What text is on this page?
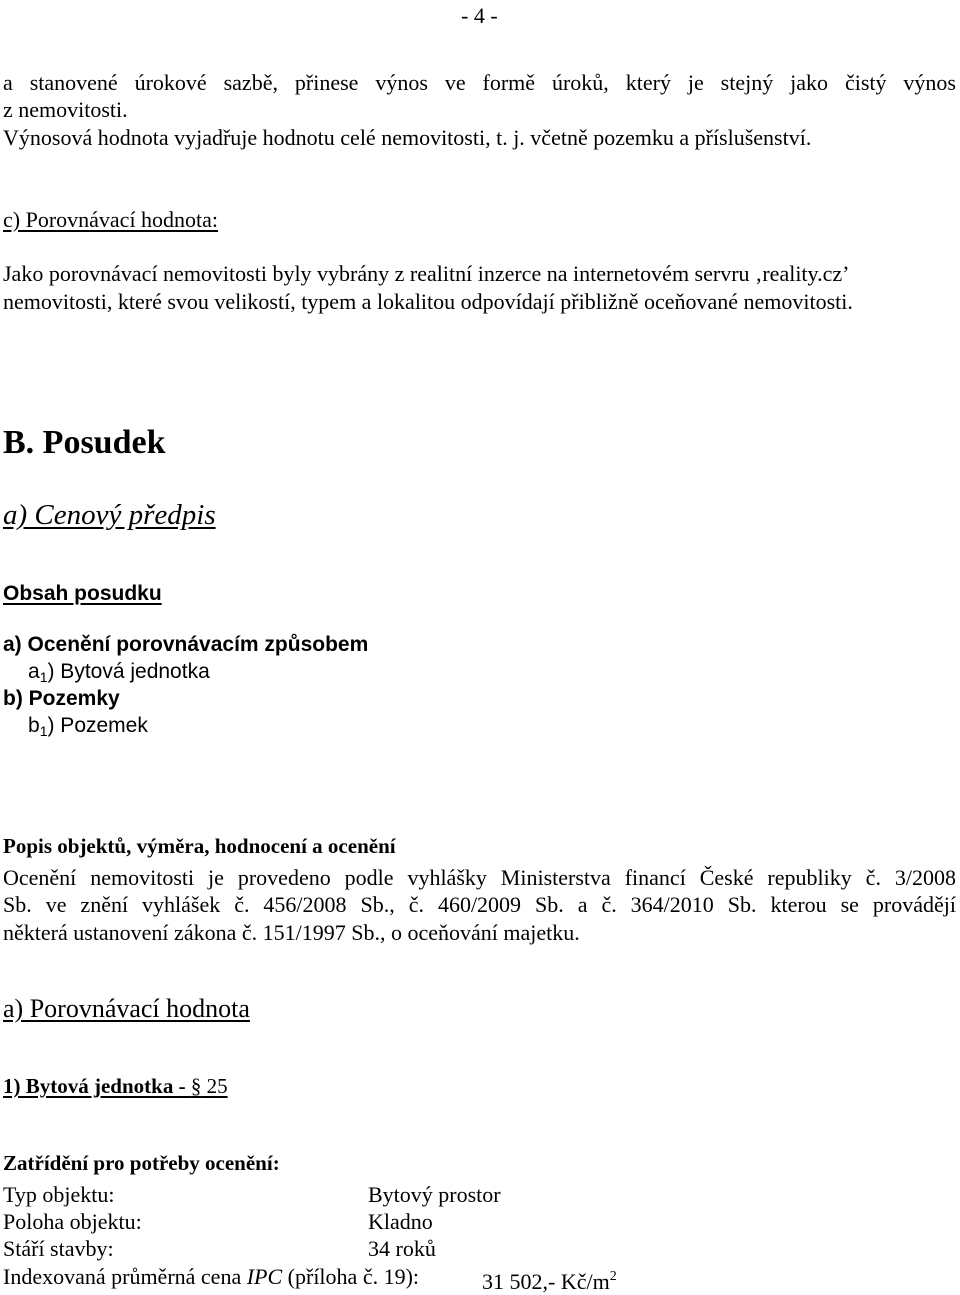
- 4 -
a stanovené úrokové sazbě, přinese výnos ve formě úroků, který je stejný jako čistý výnos
z nemovitosti.
Výnosová hodnota vyjadřuje hodnotu celé nemovitosti, t. j. včetně pozemku a příslušenství.
c) Porovnávací hodnota:
Jako porovnávací nemovitosti byly vybrány z realitní inzerce na internetovém servru ‚reality.cz’
nemovitosti, které svou velikostí, typem a lokalitou odpovídají přibližně oceňované nemovitosti.
B. Posudek
a) Cenový předpis
Obsah posudku
a) Ocenění porovnávacím způsobem
$a_1$) Bytová jednotka
b) Pozemky
$b_1$) Pozemek
Popis objektů, výměra, hodnocení a ocenění
Ocenění nemovitosti je provedeno podle vyhlášky Ministerstva financí České republiky č. 3/2008
Sb. ve znění vyhlášek č. 456/2008 Sb., č. 460/2009 Sb. a č. 364/2010 Sb. kterou se provádějí
některá ustanovení zákona č. 151/1997 Sb., o oceňování majetku.
a) Porovnávací hodnota
1) Bytová jednotka - § 25
Zatřídění pro potřeby ocenění:
Typ objektu:	Bytový prostor
Poloha objektu:	Kladno
Stáří stavby:	34 roků
Indexovaná průměrná cena IPC (příloha č. 19):	31 502,- $Kč/m^2$
